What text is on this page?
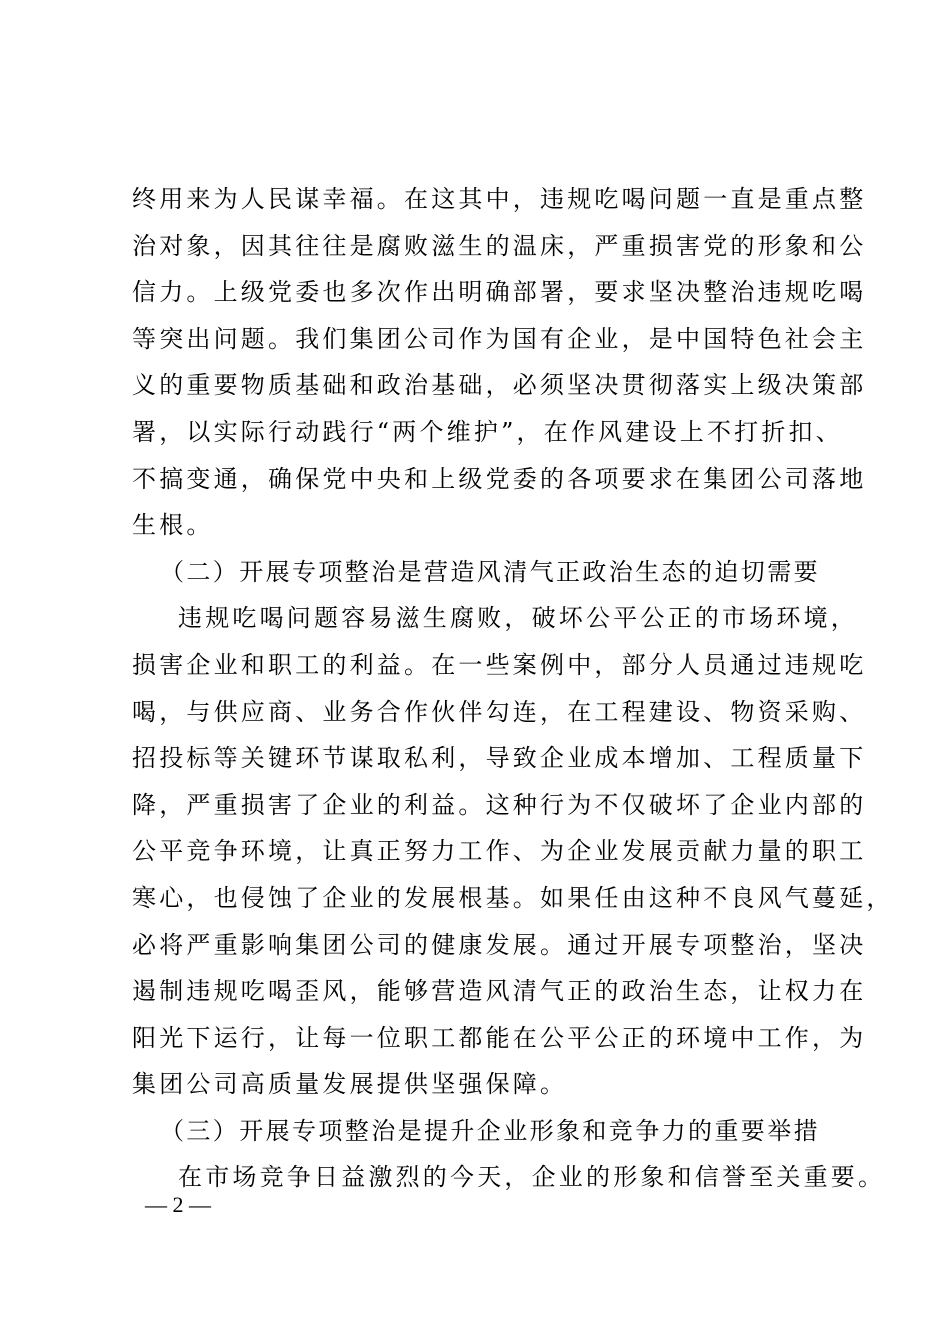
终用来为人民谋幸福。在这其中，违规吃喝问题一直是重点整
治对象，因其往往是腐败滋生的温床，严重损害党的形象和公
信力。上级党委也多次作出明确部署，要求坚决整治违规吃喝
等突出问题。我们集团公司作为国有企业，是中国特色社会主
义的重要物质基础和政治基础，必须坚决贯彻落实上级决策部
署，以实际行动践行“两个维护”，在作风建设上不打折扣、
不搞变通，确保党中央和上级党委的各项要求在集团公司落地
生根。
（二）开展专项整治是营造风清气正政治生态的迫切需要
违规吃喝问题容易滋生腐败，破坏公平公正的市场环境，
损害企业和职工的利益。在一些案例中，部分人员通过违规吃
喝，与供应商、业务合作伙伴勾连，在工程建设、物资采购、
招投标等关键环节谋取私利，导致企业成本增加、工程质量下
降，严重损害了企业的利益。这种行为不仅破坏了企业内部的
公平竞争环境，让真正努力工作、为企业发展贡献力量的职工
寒心，也侵蚀了企业的发展根基。如果任由这种不良风气蔓延，
必将严重影响集团公司的健康发展。通过开展专项整治，坚决
遏制违规吃喝歪风，能够营造风清气正的政治生态，让权力在
阳光下运行，让每一位职工都能在公平公正的环境中工作，为
集团公司高质量发展提供坚强保障。
（三）开展专项整治是提升企业形象和竞争力的重要举措
在市场竞争日益激烈的今天，企业的形象和信誉至关重要。
— 2 —
